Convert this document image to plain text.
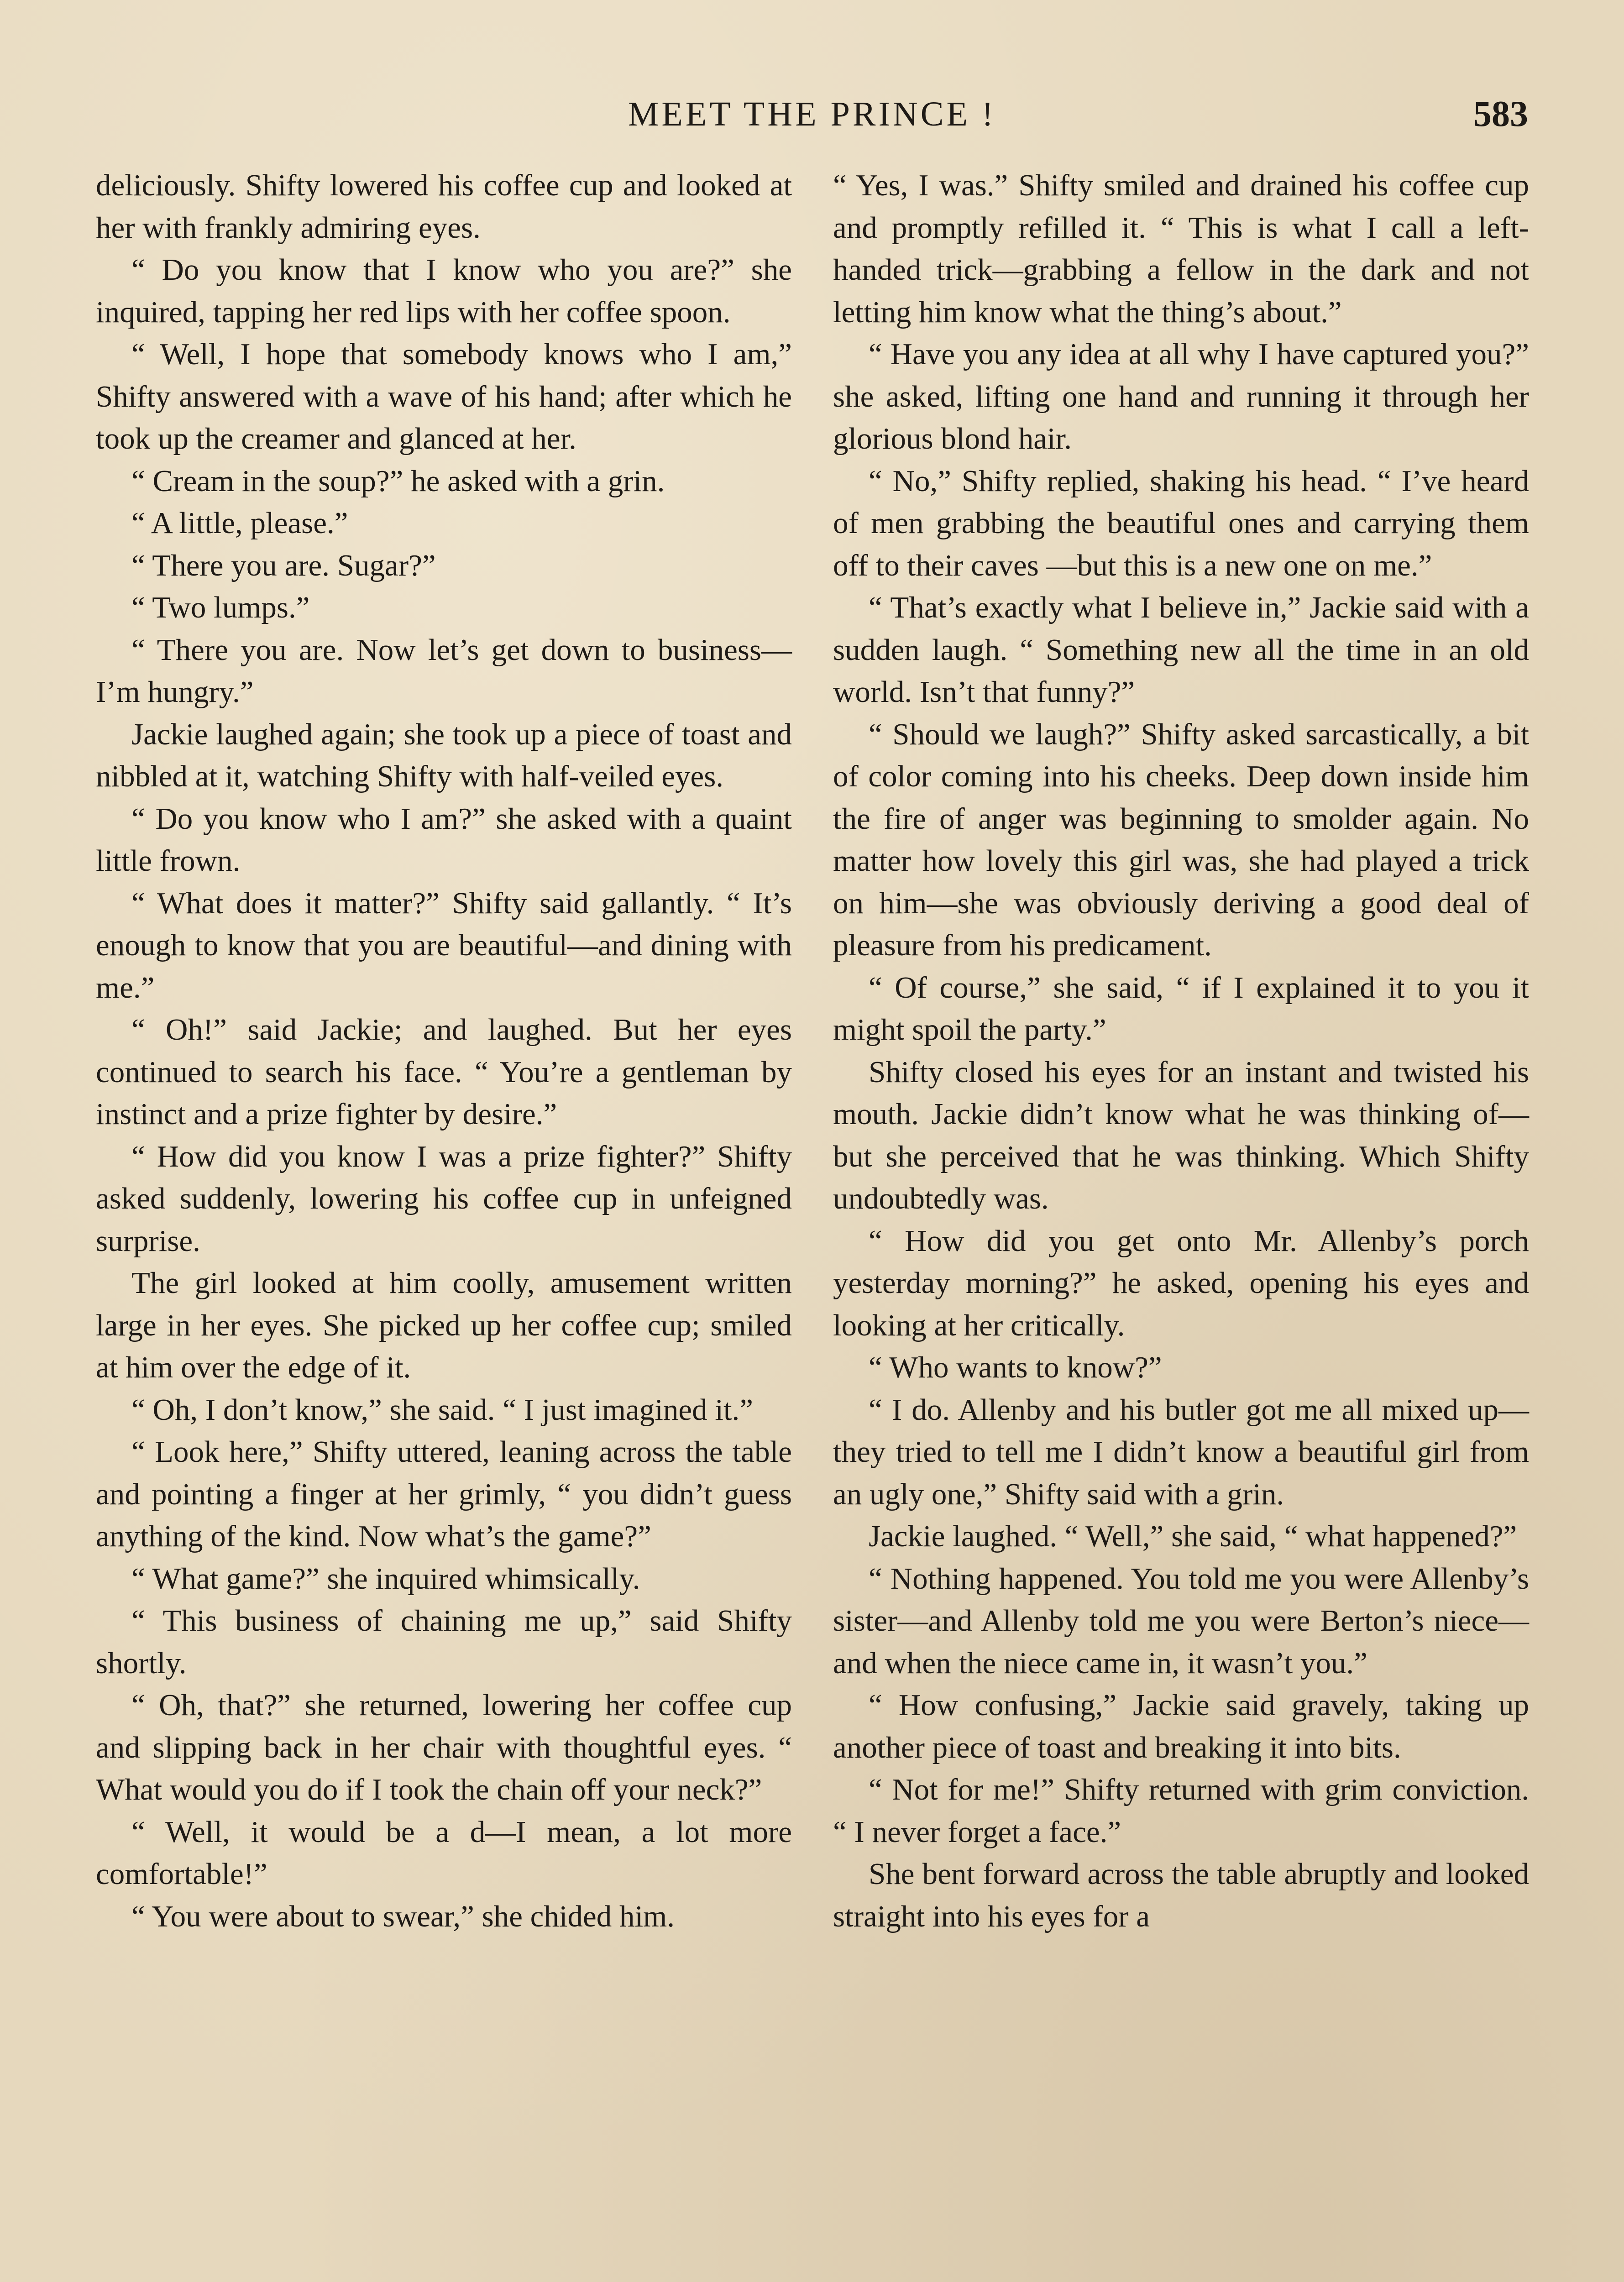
MEET THE PRINCE !	583

deliciously. Shifty lowered his coffee cup and looked at her with frankly admiring eyes.

“ Do you know that I know who you are?” she inquired, tapping her red lips with her coffee spoon.

“ Well, I hope that somebody knows who I am,” Shifty answered with a wave of his hand; after which he took up the creamer and glanced at her.

“ Cream in the soup?” he asked with a grin.

“ A little, please.”

“ There you are. Sugar?”

“ Two lumps.”

“ There you are. Now let’s get down to business—I’m hungry.”

Jackie laughed again; she took up a piece of toast and nibbled at it, watching Shifty with half-veiled eyes.

“ Do you know who I am?” she asked with a quaint little frown.

“ What does it matter?” Shifty said gallantly. “ It’s enough to know that you are beautiful—and dining with me.”

“ Oh!” said Jackie; and laughed. But her eyes continued to search his face. “ You’re a gentleman by instinct and a prize fighter by desire.”

“ How did you know I was a prize fighter?” Shifty asked suddenly, lowering his coffee cup in unfeigned surprise.

The girl looked at him coolly, amusement written large in her eyes. She picked up her coffee cup; smiled at him over the edge of it.

“ Oh, I don’t know,” she said. “ I just imagined it.”

“ Look here,” Shifty uttered, leaning across the table and pointing a finger at her grimly, “ you didn’t guess anything of the kind. Now what’s the game?”

“ What game?” she inquired whimsically.

“ This business of chaining me up,” said Shifty shortly.

“ Oh, that?” she returned, lowering her coffee cup and slipping back in her chair with thoughtful eyes. “ What would you do if I took the chain off your neck?”

“ Well, it would be a d—I mean, a lot more comfortable!”

“ You were about to swear,” she chided him.

“ Yes, I was.” Shifty smiled and drained his coffee cup and promptly refilled it. “ This is what I call a left-handed trick—grabbing a fellow in the dark and not letting him know what the thing’s about.”

“ Have you any idea at all why I have captured you?” she asked, lifting one hand and running it through her glorious blond hair.

“ No,” Shifty replied, shaking his head. “ I’ve heard of men grabbing the beautiful ones and carrying them off to their caves —but this is a new one on me.”

“ That’s exactly what I believe in,” Jackie said with a sudden laugh. “ Something new all the time in an old world. Isn’t that funny?”

“ Should we laugh?” Shifty asked sarcastically, a bit of color coming into his cheeks. Deep down inside him the fire of anger was beginning to smolder again. No matter how lovely this girl was, she had played a trick on him—she was obviously deriving a good deal of pleasure from his predicament.

“ Of course,” she said, “ if I explained it to you it might spoil the party.”

Shifty closed his eyes for an instant and twisted his mouth. Jackie didn’t know what he was thinking of—but she perceived that he was thinking. Which Shifty undoubtedly was.

“ How did you get onto Mr. Allenby’s porch yesterday morning?” he asked, opening his eyes and looking at her critically.

“ Who wants to know?”

“ I do. Allenby and his butler got me all mixed up—they tried to tell me I didn’t know a beautiful girl from an ugly one,” Shifty said with a grin.

Jackie laughed. “ Well,” she said, “ what happened?”

“ Nothing happened. You told me you were Allenby’s sister—and Allenby told me you were Berton’s niece—and when the niece came in, it wasn’t you.”

“ How confusing,” Jackie said gravely, taking up another piece of toast and breaking it into bits.

“ Not for me!” Shifty returned with grim conviction. “ I never forget a face.”

She bent forward across the table abruptly and looked straight into his eyes for a
